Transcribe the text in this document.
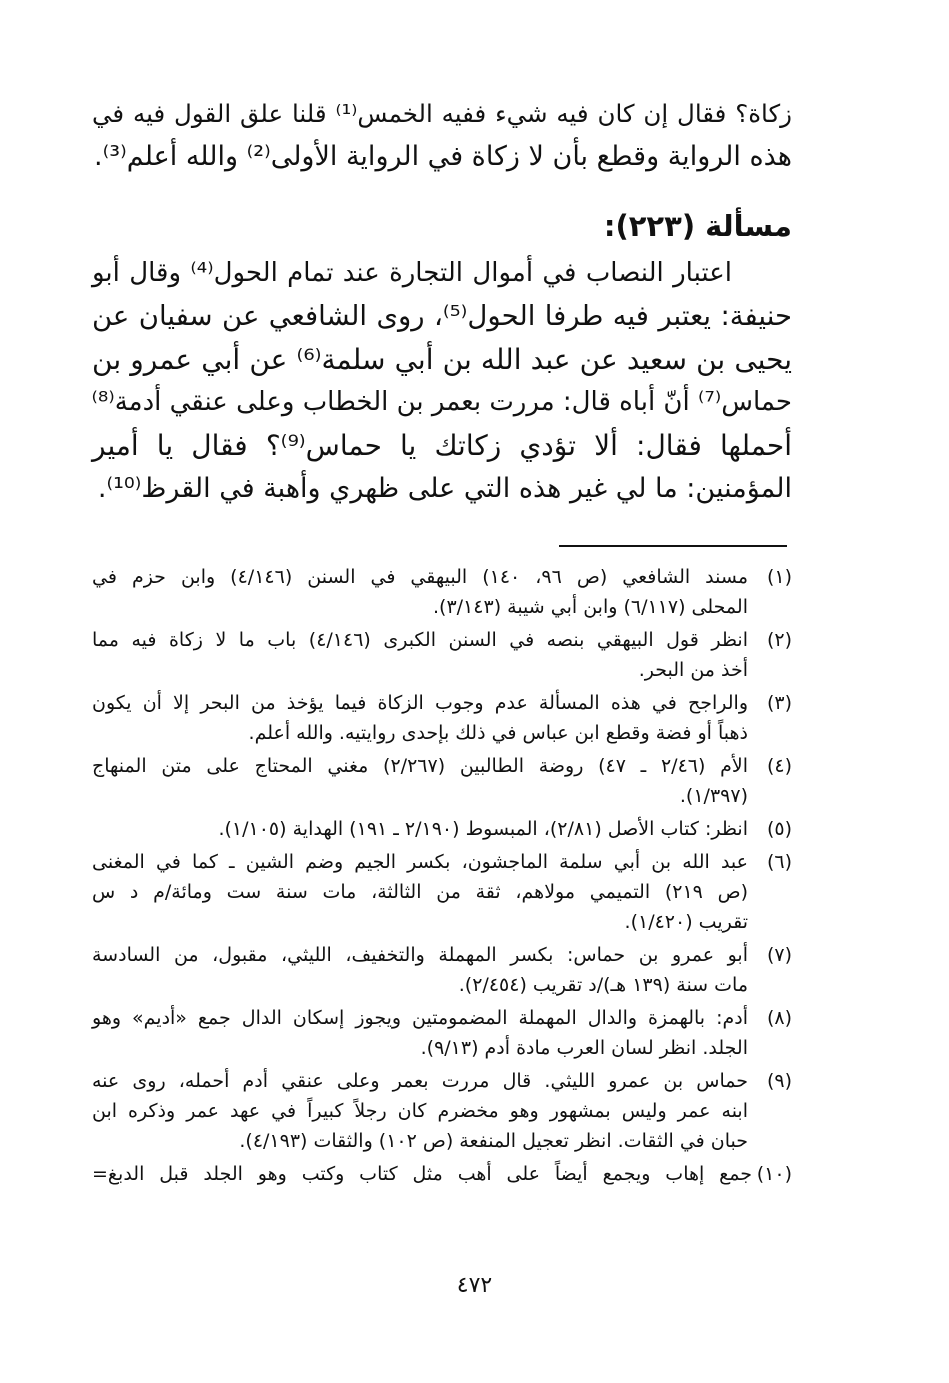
زكاة؟ فقال إن كان فيه شيء ففيه الخمس⁽¹⁾ قلنا علق القول فيه في
هذه الرواية وقطع بأن لا زكاة في الرواية الأولى⁽²⁾ والله أعلم⁽³⁾.
مسألة (٢٢٣):
اعتبار النصاب في أموال التجارة عند تمام الحول⁽⁴⁾ وقال أبو
حنيفة: يعتبر فيه طرفا الحول⁽⁵⁾، روى الشافعي عن سفيان عن
يحيى بن سعيد عن عبد الله بن أبي سلمة⁽⁶⁾ عن أبي عمرو بن
حماس⁽⁷⁾ أنّ أباه قال: مررت بعمر بن الخطاب وعلى عنقي أدمة⁽⁸⁾
أحملها فقال: ألا تؤدي زكاتك يا حماس⁽⁹⁾؟ فقال يا أمير
المؤمنين: ما لي غير هذه التي على ظهري وأهبة في القرظ⁽¹⁰⁾.
(١)
مسند الشافعي (ص ٩٦، ١٤٠) البيهقي في السنن (٤/١٤٦) وابن حزم في
المحلى (٦/١١٧) وابن أبي شيبة (٣/١٤٣).
(٢)
انظر قول البيهقي بنصه في السنن الكبرى (٤/١٤٦) باب ما لا زكاة فيه مما
أخذ من البحر.
(٣)
والراجح في هذه المسألة عدم وجوب الزكاة فيما يؤخذ من البحر إلا أن يكون
ذهباً أو فضة وقطع ابن عباس في ذلك بإحدى روايتيه. والله أعلم.
(٤)
الأم (٢/٤٦ ـ ٤٧) روضة الطالبين (٢/٢٦٧) مغني المحتاج على متن المنهاج
(١/٣٩٧).
(٥)
انظر: كتاب الأصل (٢/٨١)، المبسوط (٢/١٩٠ ـ ١٩١) الهداية (١/١٠٥).
(٦)
عبد الله بن أبي سلمة الماجشون، بكسر الجيم وضم الشين ـ كما في المغنى
(ص ٢١٩) التميمي مولاهم، ثقة من الثالثة، مات سنة ست ومائة/م د س
تقريب (١/٤٢٠).
(٧)
أبو عمرو بن حماس: بكسر المهملة والتخفيف، الليثي، مقبول، من السادسة
مات سنة (١٣٩ هـ)/د تقريب (٢/٤٥٤).
(٨)
أدم: بالهمزة والدال المهملة المضمومتين ويجوز إسكان الدال جمع «أديم» وهو
الجلد. انظر لسان العرب مادة أدم (٩/١٣).
(٩)
حماس بن عمرو الليثي. قال مررت بعمر وعلى عنقي أدم أحمله، روى عنه
ابنه عمر وليس بمشهور وهو مخضرم كان رجلاً كبيراً في عهد عمر وذكره ابن
حبان في الثقات. انظر تعجيل المنفعة (ص ١٠٢) والثقات (٤/١٩٣).
(١٠)
جمع إهاب ويجمع أيضاً على أهب مثل كتاب وكتب وهو الجلد قبل الدبغ=
٤٧٢
